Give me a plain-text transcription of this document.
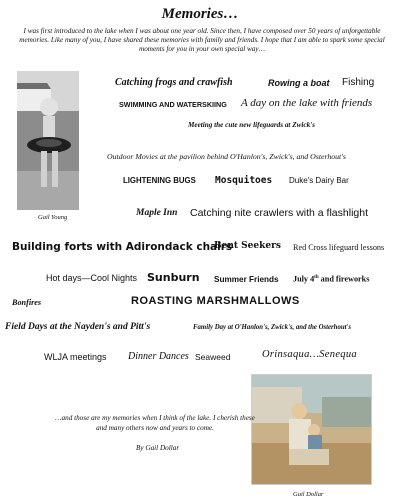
Memories…
I was first introduced to the lake when I was about one year old. Since then, I have composed over 50 years of unforgettable memories. Like many of you, I have shared these memories with family and friends. I hope that I am able to spark some special moments for you in your own special way…
Gail Young
Catching frogs and crawfish	Rowing a boat Fishing
SWIMMING AND WATERSKIING A day on the lake with friends
Meeting the cute new lifeguards at Zwick's
Outdoor Movies at the pavilion behind O'Hanlon's, Zwick's, and Osterhout's
LIGHTENING BUGS Mosquitoes Duke's Dairy Bar
Maple Inn Catching nite crawlers with a flashlight
Building forts with Adirondack chairs
Bent Seekers Red Cross lifeguard lessons
Hot days—Cool Nights Sunburn Summer Friends July 4th and fireworks
Bonfires	ROASTING MARSHMALLOWS
Field Days at the Nayden's and Pitt's	Family Day at O'Hanlon's, Zwick's, and the Osterhout's
WLJA meetings Dinner Dances Seaweed	Orinsaqua…Senequa
Gail Dollar
…and those are my memories when I think of the lake. I cherish these and many others now and years to come.
By Gail Dollar
